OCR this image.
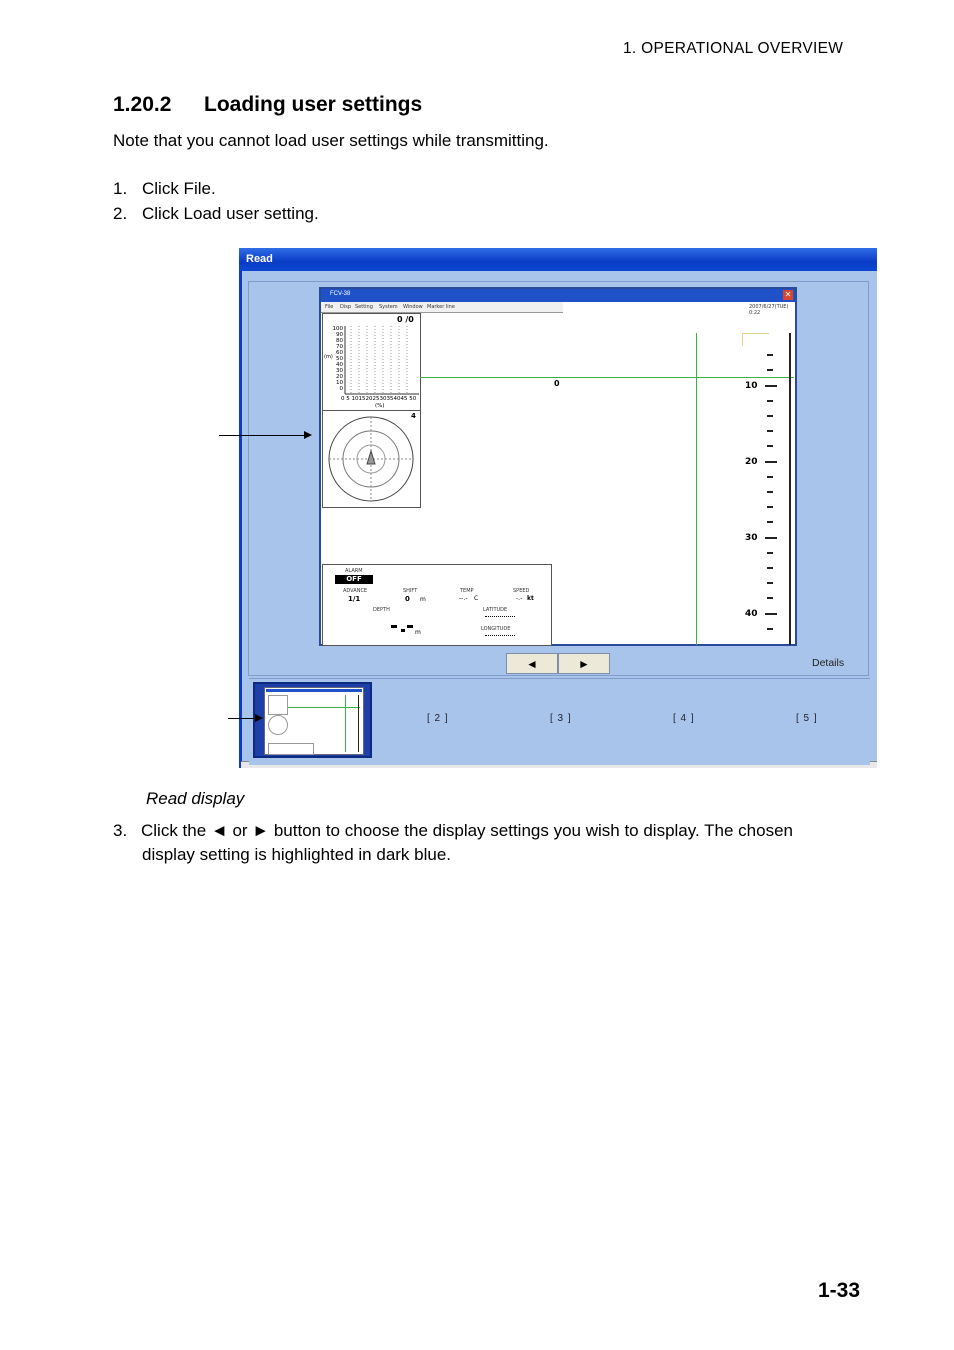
1. OPERATIONAL OVERVIEW
1.20.2 Loading user settings
Note that you cannot load user settings while transmitting.
1. Click File.
2. Click Load user setting.
Read
FCV-38	✕
File Disp Setting System Window Marker line	2007/6/27(TUE) 0:22
0 /0
100
90
80
70
60
50
40
30
20
10
0
(m)
0 5 1015202530354045 50
(%)
4
0	10
20
30
40
ALARM
OFF
ADVANCE
1/1
SHIFT
0 m
TEMP
--.- C
SPEED
-.- kt
DEPTH
m
LATITUDE
LONGITUDE
◄	►	Details
[ 2 ]	[ 3 ]	[ 4 ]	[ 5 ]
Read display
3. Click the ◄ or ► button to choose the display settings you wish to display. The chosen
display setting is highlighted in dark blue.
1-33
